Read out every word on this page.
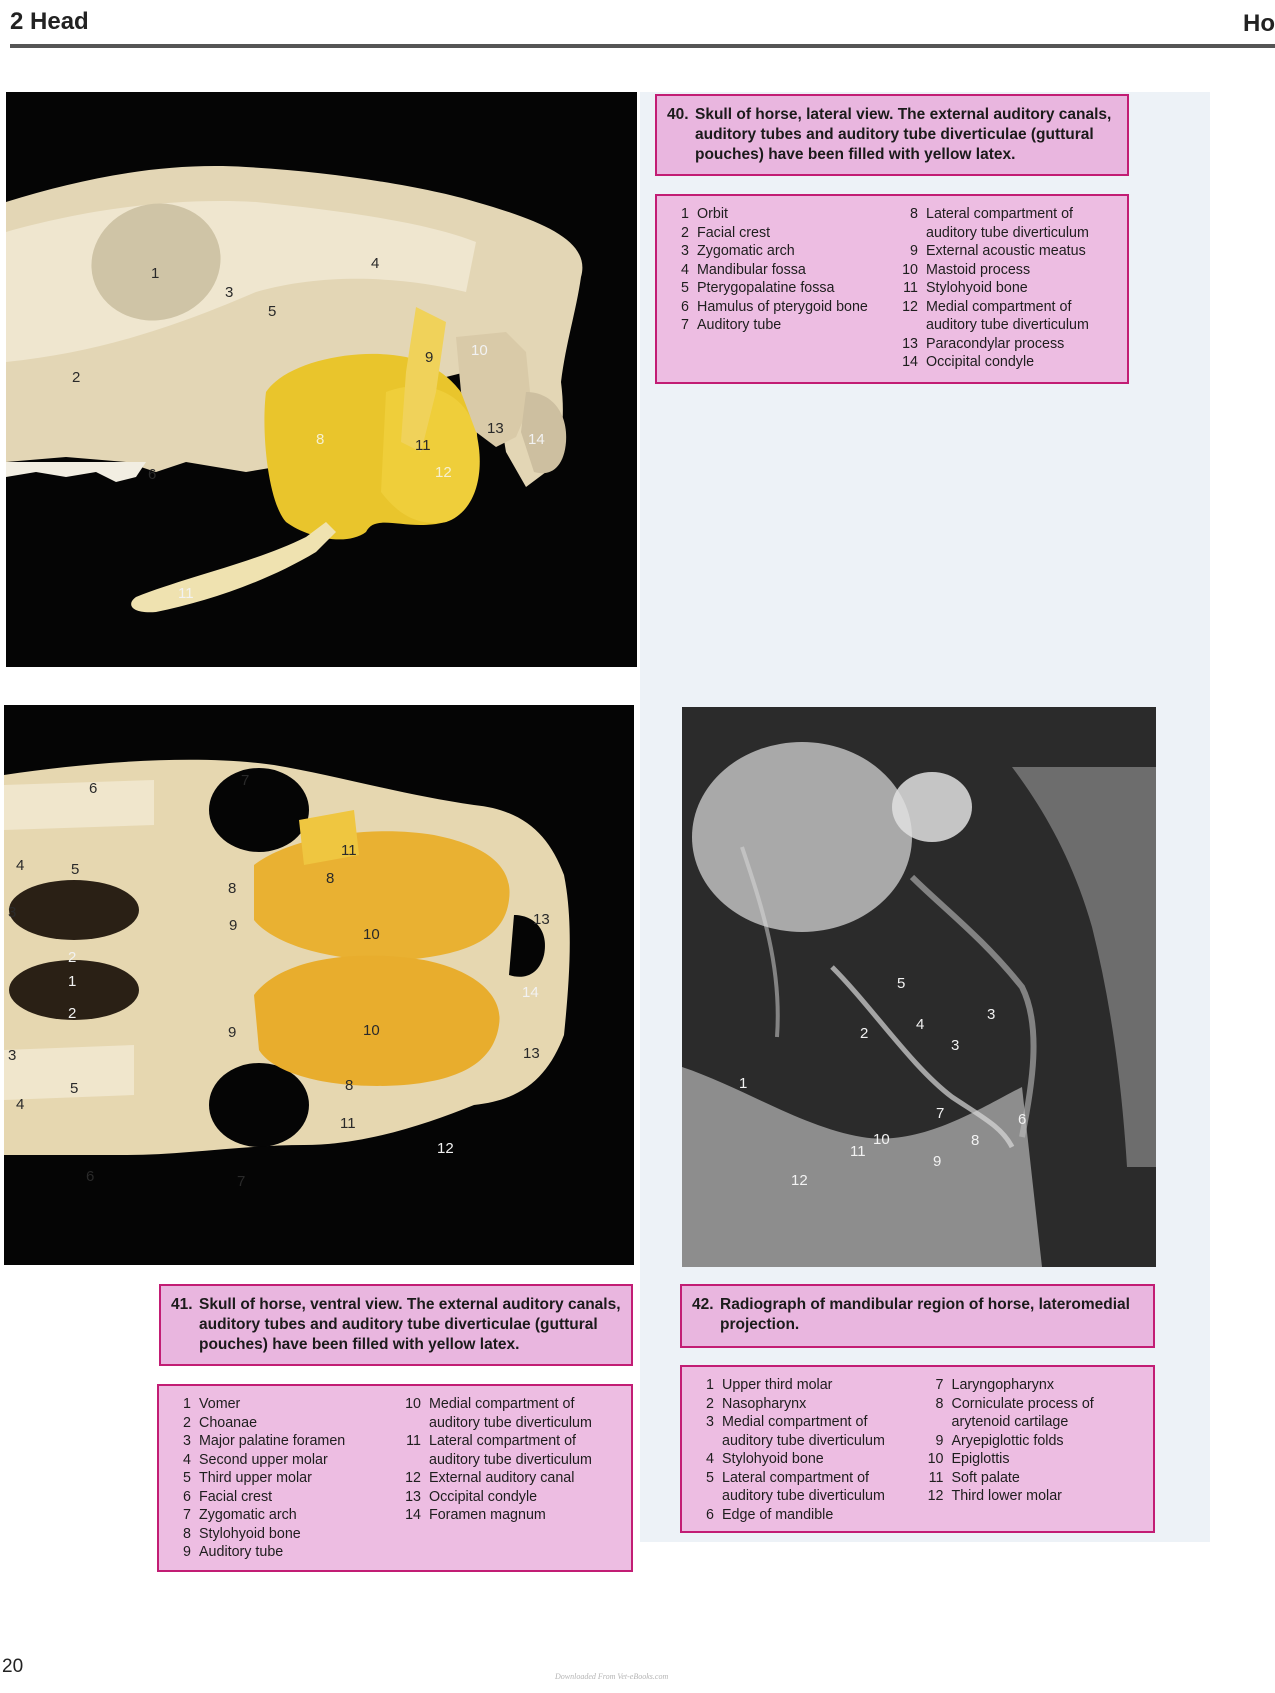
2 Head	Ho
1
2
3
4
5
6
8
9	10
11
11
12
13
14
40. Skull of horse, lateral view. The external auditory canals, auditory tubes and auditory tube diverticulae (guttural pouches) have been filled with yellow latex.
1 Orbit
2 Facial crest
3 Zygomatic arch
4 Mandibular fossa
5 Pterygopalatine fossa
6 Hamulus of pterygoid bone
7 Auditory tube
8 Lateral compartment of auditory tube diverticulum
9 External acoustic meatus
10 Mastoid process
11 Stylohyoid bone
12 Medial compartment of auditory tube diverticulum
13 Paracondylar process
14 Occipital condyle
6	7
11
8
8
4	5
3
9
10
13
2
1
2
14
3
9	10
13
4
5	8
11
12
6	7
5
3
4
2
3
1
7	6
10	8
11
9
12
41. Skull of horse, ventral view. The external auditory canals, auditory tubes and auditory tube diverticulae (guttural pouches) have been filled with yellow latex.
42. Radiograph of mandibular region of horse, lateromedial projection.
1 Vomer
2 Choanae
3 Major palatine foramen
4 Second upper molar
5 Third upper molar
6 Facial crest
7 Zygomatic arch
8 Stylohyoid bone
9 Auditory tube
10 Medial compartment of auditory tube diverticulum
11 Lateral compartment of auditory tube diverticulum
12 External auditory canal
13 Occipital condyle
14 Foramen magnum
1 Upper third molar
2 Nasopharynx
3 Medial compartment of auditory tube diverticulum
4 Stylohyoid bone
5 Lateral compartment of auditory tube diverticulum
6 Edge of mandible
7 Laryngopharynx
8 Corniculate process of arytenoid cartilage
9 Aryepiglottic folds
10 Epiglottis
11 Soft palate
12 Third lower molar
20	Downloaded From Vet-eBooks.com
